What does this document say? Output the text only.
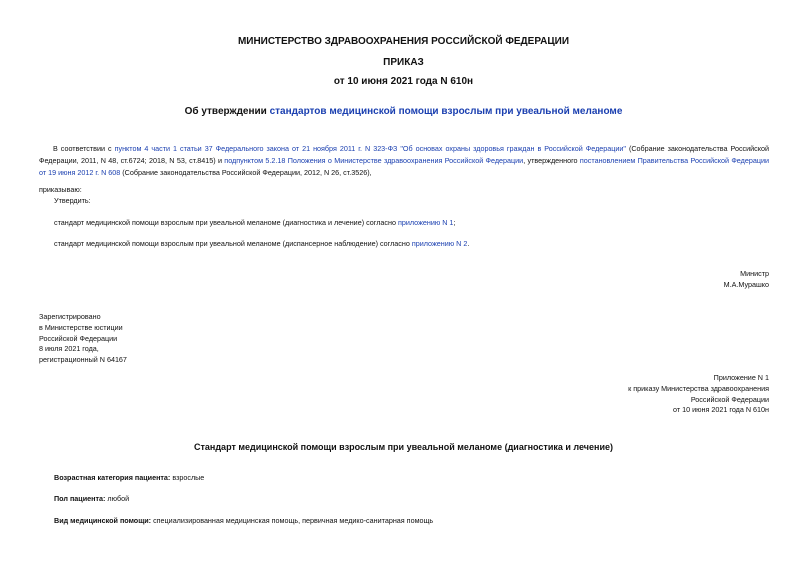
МИНИСТЕРСТВО ЗДРАВООХРАНЕНИЯ РОССИЙСКОЙ ФЕДЕРАЦИИ
ПРИКАЗ
от 10 июня 2021 года N 610н
Об утверждении стандартов медицинской помощи взрослым при увеальной меланоме
В соответствии с пунктом 4 части 1 статьи 37 Федерального закона от 21 ноября 2011 г. N 323-ФЗ "Об основах охраны здоровья граждан в Российской Федерации" (Собрание законодательства Российской Федерации, 2011, N 48, ст.6724; 2018, N 53, ст.8415) и подпунктом 5.2.18 Положения о Министерстве здравоохранения Российской Федерации, утвержденного постановлением Правительства Российской Федерации от 19 июня 2012 г. N 608 (Собрание законодательства Российской Федерации, 2012, N 26, ст.3526),
приказываю:
Утвердить:
стандарт медицинской помощи взрослым при увеальной меланоме (диагностика и лечение) согласно приложению N 1;
стандарт медицинской помощи взрослым при увеальной меланоме (диспансерное наблюдение) согласно приложению N 2.
Министр
М.А.Мурашко
Зарегистрировано
в Министерстве юстиции
Российской Федерации
8 июля 2021 года,
регистрационный N 64167
Приложение N 1
к приказу Министерства здравоохранения
Российской Федерации
от 10 июня 2021 года N 610н
Стандарт медицинской помощи взрослым при увеальной меланоме (диагностика и лечение)
Возрастная категория пациента: взрослые
Пол пациента: любой
Вид медицинской помощи: специализированная медицинская помощь, первичная медико-санитарная помощь
